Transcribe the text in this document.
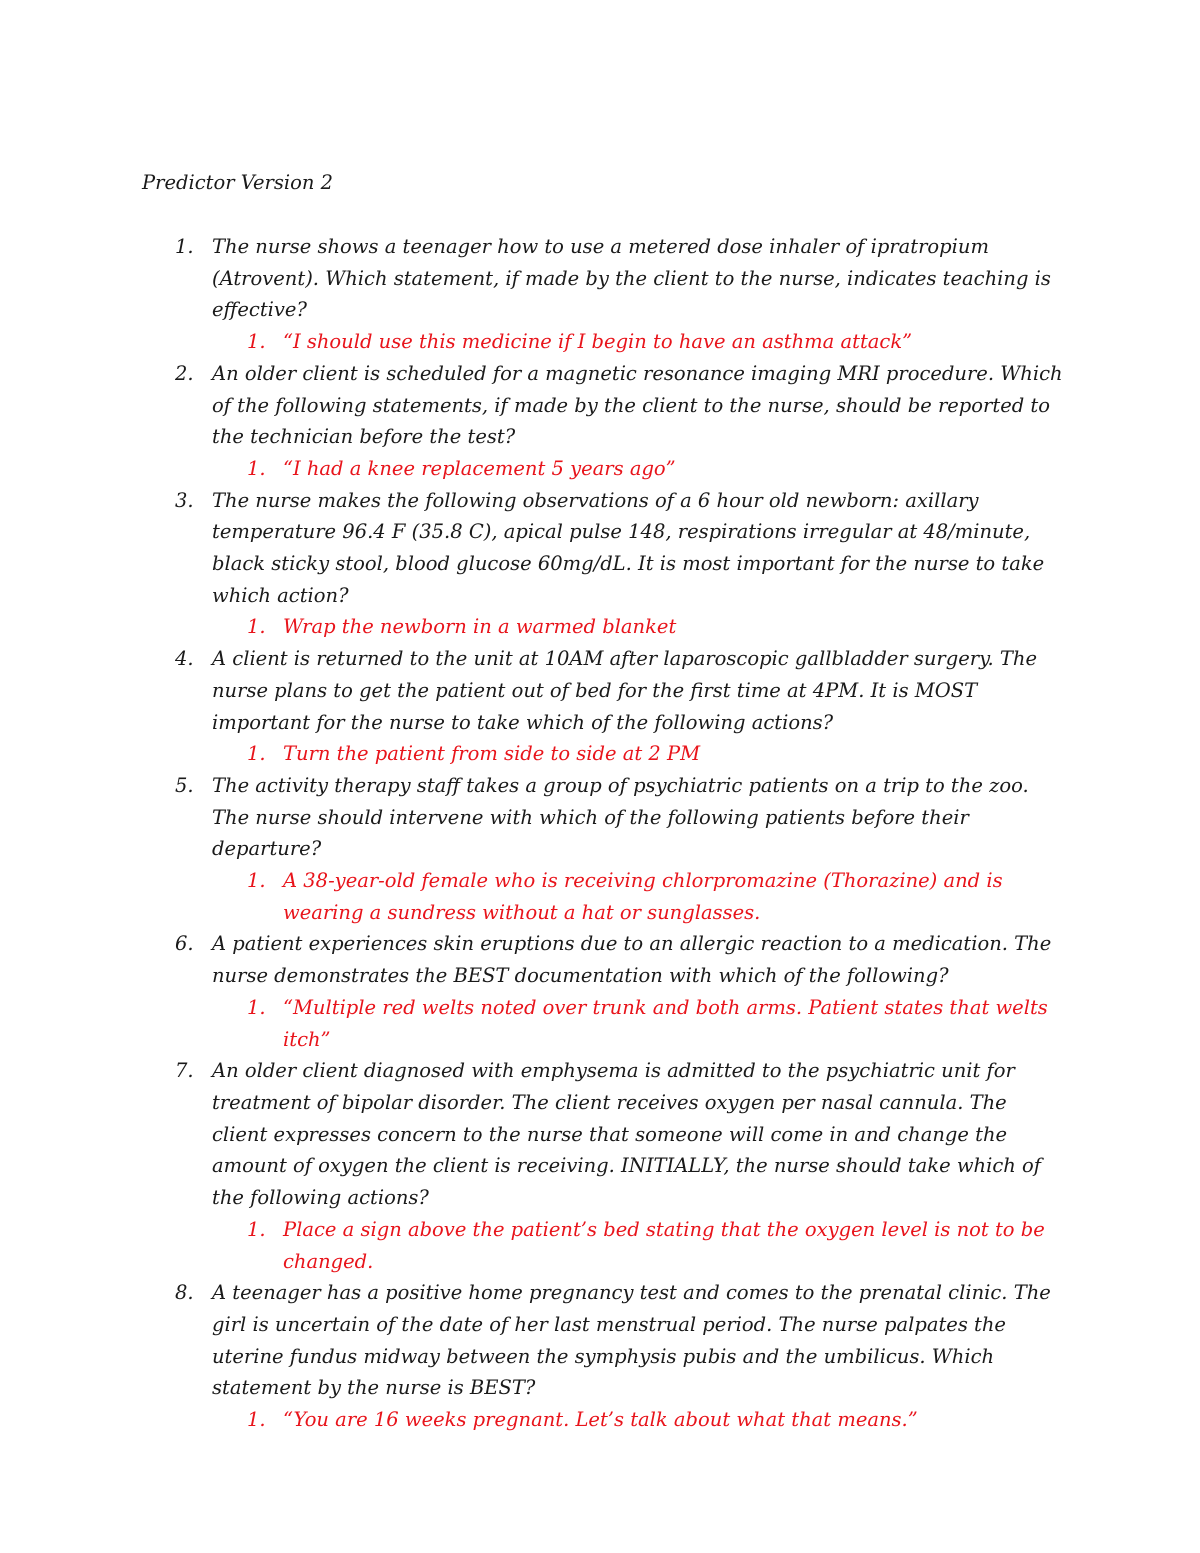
Predictor Version 2
1. The nurse shows a teenager how to use a metered dose inhaler of ipratropium (Atrovent). Which statement, if made by the client to the nurse, indicates teaching is effective?
1. “I should use this medicine if I begin to have an asthma attack”
2. An older client is scheduled for a magnetic resonance imaging MRI procedure. Which of the following statements, if made by the client to the nurse, should be reported to the technician before the test?
1. “I had a knee replacement 5 years ago”
3. The nurse makes the following observations of a 6 hour old newborn: axillary temperature 96.4 F (35.8 C), apical pulse 148, respirations irregular at 48/minute, black sticky stool, blood glucose 60mg/dL. It is most important for the nurse to take which action?
1. Wrap the newborn in a warmed blanket
4. A client is returned to the unit at 10AM after laparoscopic gallbladder surgery. The nurse plans to get the patient out of bed for the first time at 4PM. It is MOST important for the nurse to take which of the following actions?
1. Turn the patient from side to side at 2 PM
5. The activity therapy staff takes a group of psychiatric patients on a trip to the zoo. The nurse should intervene with which of the following patients before their departure?
1. A 38-year-old female who is receiving chlorpromazine (Thorazine) and is wearing a sundress without a hat or sunglasses.
6. A patient experiences skin eruptions due to an allergic reaction to a medication. The nurse demonstrates the BEST documentation with which of the following?
1. “Multiple red welts noted over trunk and both arms. Patient states that welts itch”
7. An older client diagnosed with emphysema is admitted to the psychiatric unit for treatment of bipolar disorder. The client receives oxygen per nasal cannula. The client expresses concern to the nurse that someone will come in and change the amount of oxygen the client is receiving. INITIALLY, the nurse should take which of the following actions?
1. Place a sign above the patient’s bed stating that the oxygen level is not to be changed.
8. A teenager has a positive home pregnancy test and comes to the prenatal clinic. The girl is uncertain of the date of her last menstrual period. The nurse palpates the uterine fundus midway between the symphysis pubis and the umbilicus. Which statement by the nurse is BEST?
1. “You are 16 weeks pregnant. Let’s talk about what that means.”
